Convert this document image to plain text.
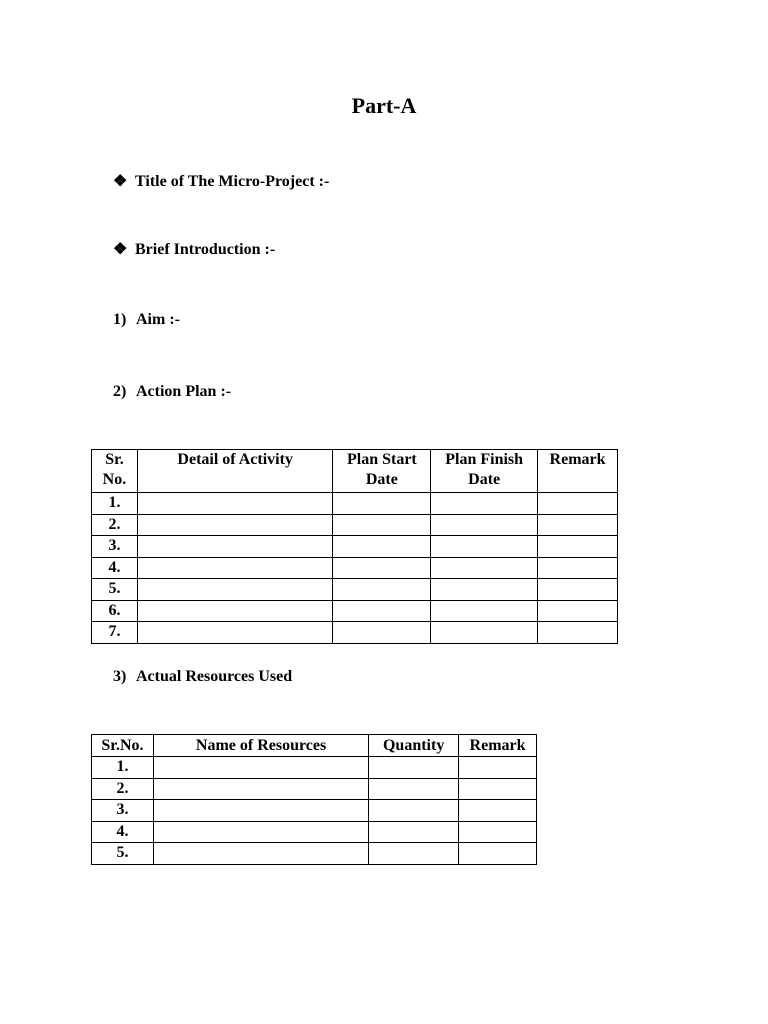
Part-A
❖ Title of The Micro-Project :-
❖ Brief Introduction :-
1) Aim :-
2) Action Plan :-
Sr. No.	Detail of Activity	Plan Start Date	Plan Finish Date	Remark
1.				
2.				
3.				
4.				
5.				
6.				
7.				
3) Actual Resources Used
Sr.No.	Name of Resources	Quantity	Remark
1.			
2.			
3.			
4.			
5.			
